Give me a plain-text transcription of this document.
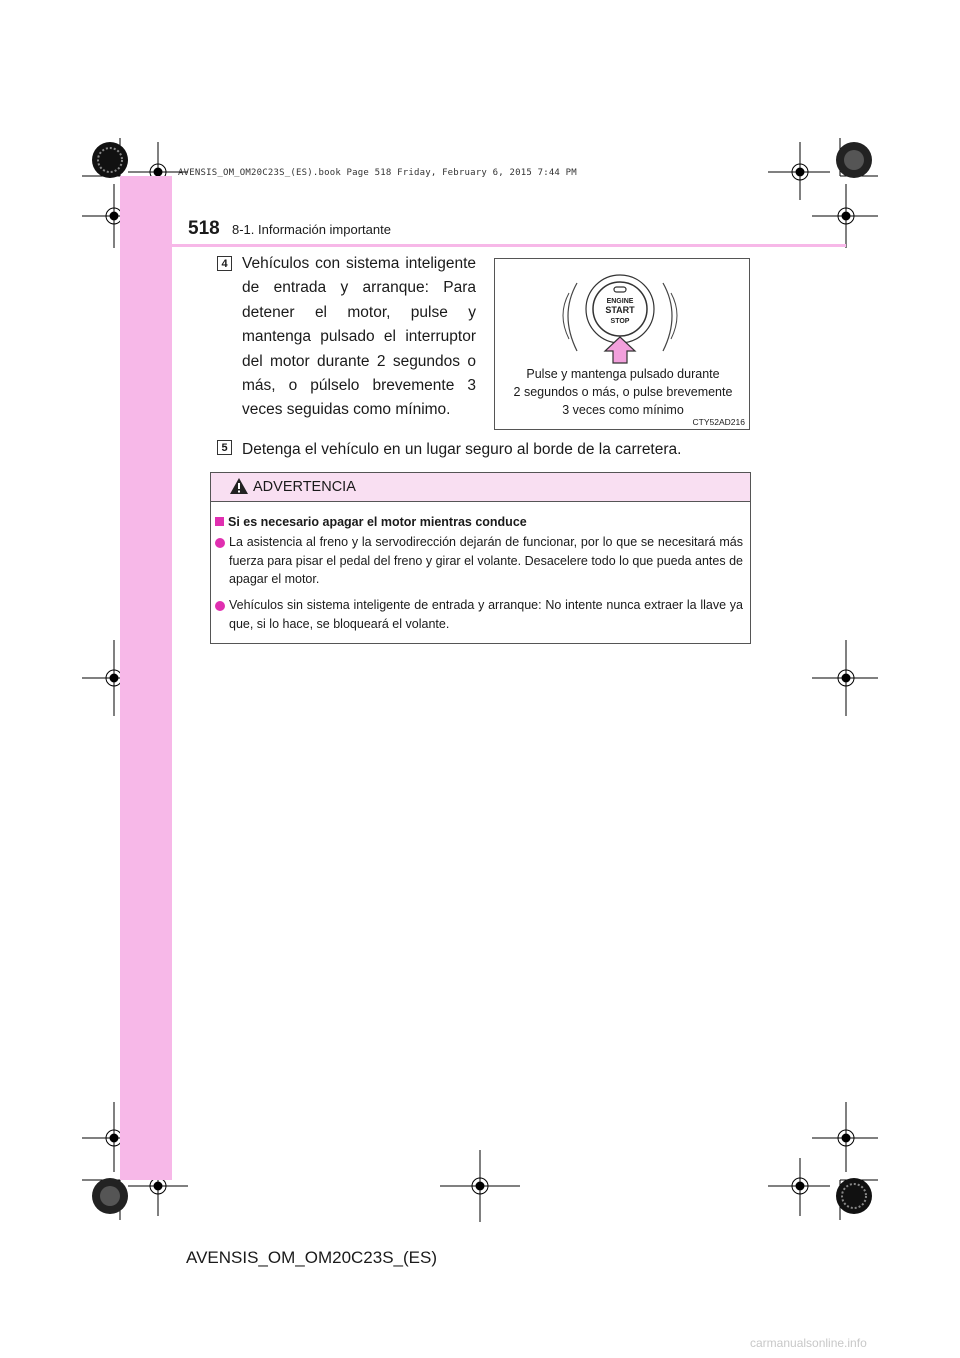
AVENSIS_OM_OM20C23S_(ES).book Page 518 Friday, February 6, 2015 7:44 PM
518 8-1. Información importante
4 Vehículos con sistema inteligente de entrada y arranque: Para detener el motor, pulse y mantenga pulsado el interruptor del motor durante 2 segundos o más, o púlselo brevemente 3 veces seguidas como mínimo.
ENGINE
START
STOP
Pulse y mantenga pulsado durante
2 segundos o más, o pulse brevemente
3 veces como mínimo
CTY52AD216
5 Detenga el vehículo en un lugar seguro al borde de la carretera.
ADVERTENCIA
Si es necesario apagar el motor mientras conduce
La asistencia al freno y la servodirección dejarán de funcionar, por lo que se necesitará más fuerza para pisar el pedal del freno y girar el volante. Desacelere todo lo que pueda antes de apagar el motor.
Vehículos sin sistema inteligente de entrada y arranque: No intente nunca extraer la llave ya que, si lo hace, se bloqueará el volante.
AVENSIS_OM_OM20C23S_(ES)
carmanualsonline.info
